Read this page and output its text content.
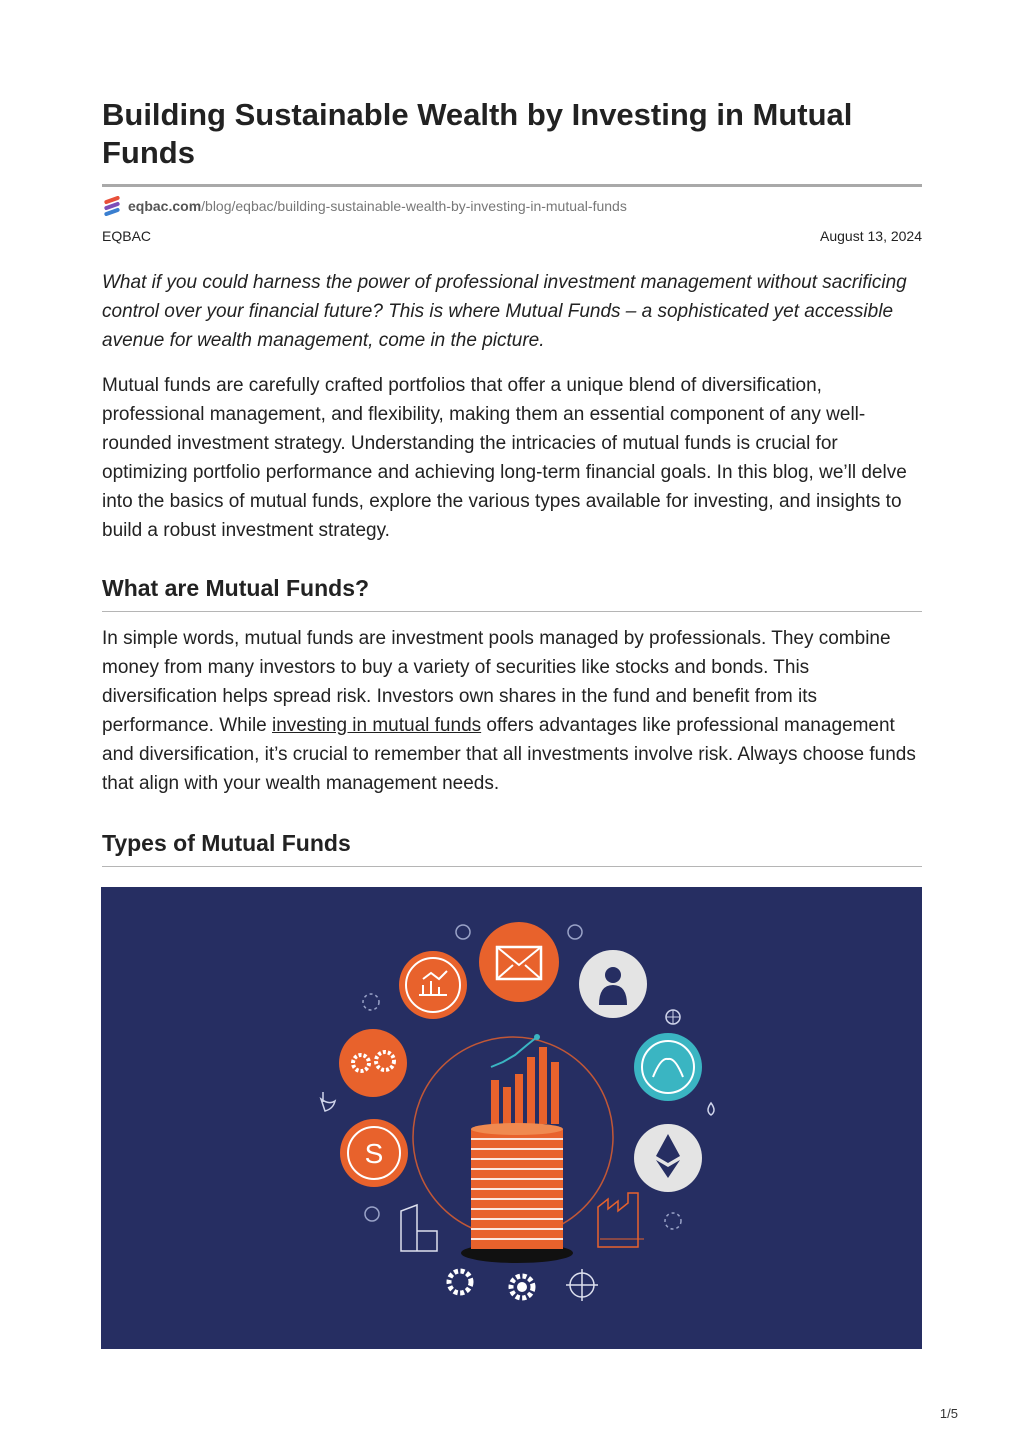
Building Sustainable Wealth by Investing in Mutual Funds
eqbac.com /blog/eqbac/building-sustainable-wealth-by-investing-in-mutual-funds
EQBAC	August 13, 2024

What if you could harness the power of professional investment management without sacrificing control over your financial future? This is where Mutual Funds – a sophisticated yet accessible avenue for wealth management, come in the picture.

Mutual funds are carefully crafted portfolios that offer a unique blend of diversification, professional management, and flexibility, making them an essential component of any well-rounded investment strategy. Understanding the intricacies of mutual funds is crucial for optimizing portfolio performance and achieving long-term financial goals. In this blog, we’ll delve into the basics of mutual funds, explore the various types available for investing, and insights to build a robust investment strategy.

What are Mutual Funds?

In simple words, mutual funds are investment pools managed by professionals. They combine money from many investors to buy a variety of securities like stocks and bonds. This diversification helps spread risk. Investors own shares in the fund and benefit from its performance. While investing in mutual funds offers advantages like professional management and diversification, it’s crucial to remember that all investments involve risk. Always choose funds that align with your wealth management needs.

Types of Mutual Funds
S
1/5
